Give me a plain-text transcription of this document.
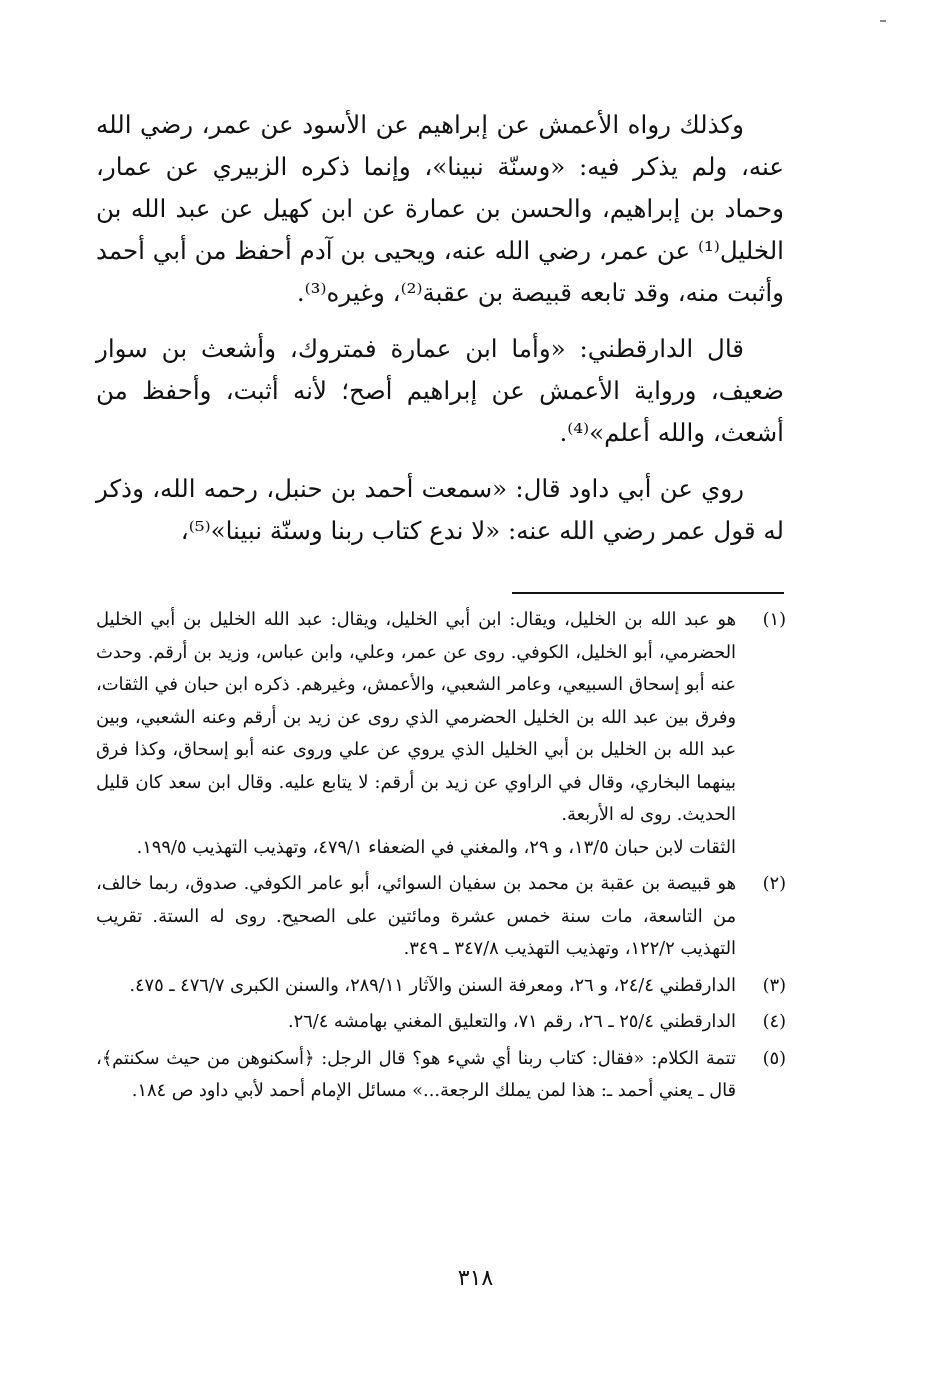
وكذلك رواه الأعمش عن إبراهيم عن الأسود عن عمر، رضي الله عنه، ولم يذكر فيه: «وسنّة نبينا»، وإنما ذكره الزبيري عن عمار، وحماد بن إبراهيم، والحسن بن عمارة عن ابن كهيل عن عبد الله بن الخليل⁽¹⁾ عن عمر، رضي الله عنه، ويحيى بن آدم أحفظ من أبي أحمد وأثبت منه، وقد تابعه قبيصة بن عقبة⁽²⁾، وغيره⁽³⁾.

قال الدارقطني: «وأما ابن عمارة فمتروك، وأشعث بن سوار ضعيف، ورواية الأعمش عن إبراهيم أصح؛ لأنه أثبت، وأحفظ من أشعث، والله أعلم»⁽⁴⁾.

روي عن أبي داود قال: «سمعت أحمد بن حنبل، رحمه الله، وذكر له قول عمر رضي الله عنه: «لا ندع كتاب ربنا وسنّة نبينا»⁽⁵⁾،

(١)
هو عبد الله بن الخليل، ويقال: ابن أبي الخليل، ويقال: عبد الله الخليل بن أبي الخليل الحضرمي، أبو الخليل، الكوفي. روى عن عمر، وعلي، وابن عباس، وزيد بن أرقم. وحدث عنه أبو إسحاق السبيعي، وعامر الشعبي، والأعمش، وغيرهم. ذكره ابن حبان في الثقات، وفرق بين عبد الله بن الخليل الحضرمي الذي روى عن زيد بن أرقم وعنه الشعبي، وبين عبد الله بن الخليل بن أبي الخليل الذي يروي عن علي وروى عنه أبو إسحاق، وكذا فرق بينهما البخاري، وقال في الراوي عن زيد بن أرقم: لا يتابع عليه. وقال ابن سعد كان قليل الحديث. روى له الأربعة.
الثقات لابن حبان ١٣/٥، و ٢٩، والمغني في الضعفاء ٤٧٩/١، وتهذيب التهذيب ١٩٩/٥.
(٢)
هو قبيصة بن عقبة بن محمد بن سفيان السوائي، أبو عامر الكوفي. صدوق، ربما خالف، من التاسعة، مات سنة خمس عشرة ومائتين على الصحيح. روى له الستة. تقريب التهذيب ١٢٢/٢، وتهذيب التهذيب ٣٤٧/٨ ـ ٣٤٩.
(٣)
الدارقطني ٢٤/٤، و ٢٦، ومعرفة السنن والآثار ٢٨٩/١١، والسنن الكبرى ٤٧٦/٧ ـ ٤٧٥.
(٤)
الدارقطني ٢٥/٤ ـ ٢٦، رقم ٧١، والتعليق المغني بهامشه ٢٦/٤.
(٥)
تتمة الكلام: «فقال: كتاب ربنا أي شيء هو؟ قال الرجل: ﴿أسكنوهن من حيث سكنتم﴾، قال ـ يعني أحمد ـ: هذا لمن يملك الرجعة...» مسائل الإمام أحمد لأبي داود ص ١٨٤.
٣١٨
